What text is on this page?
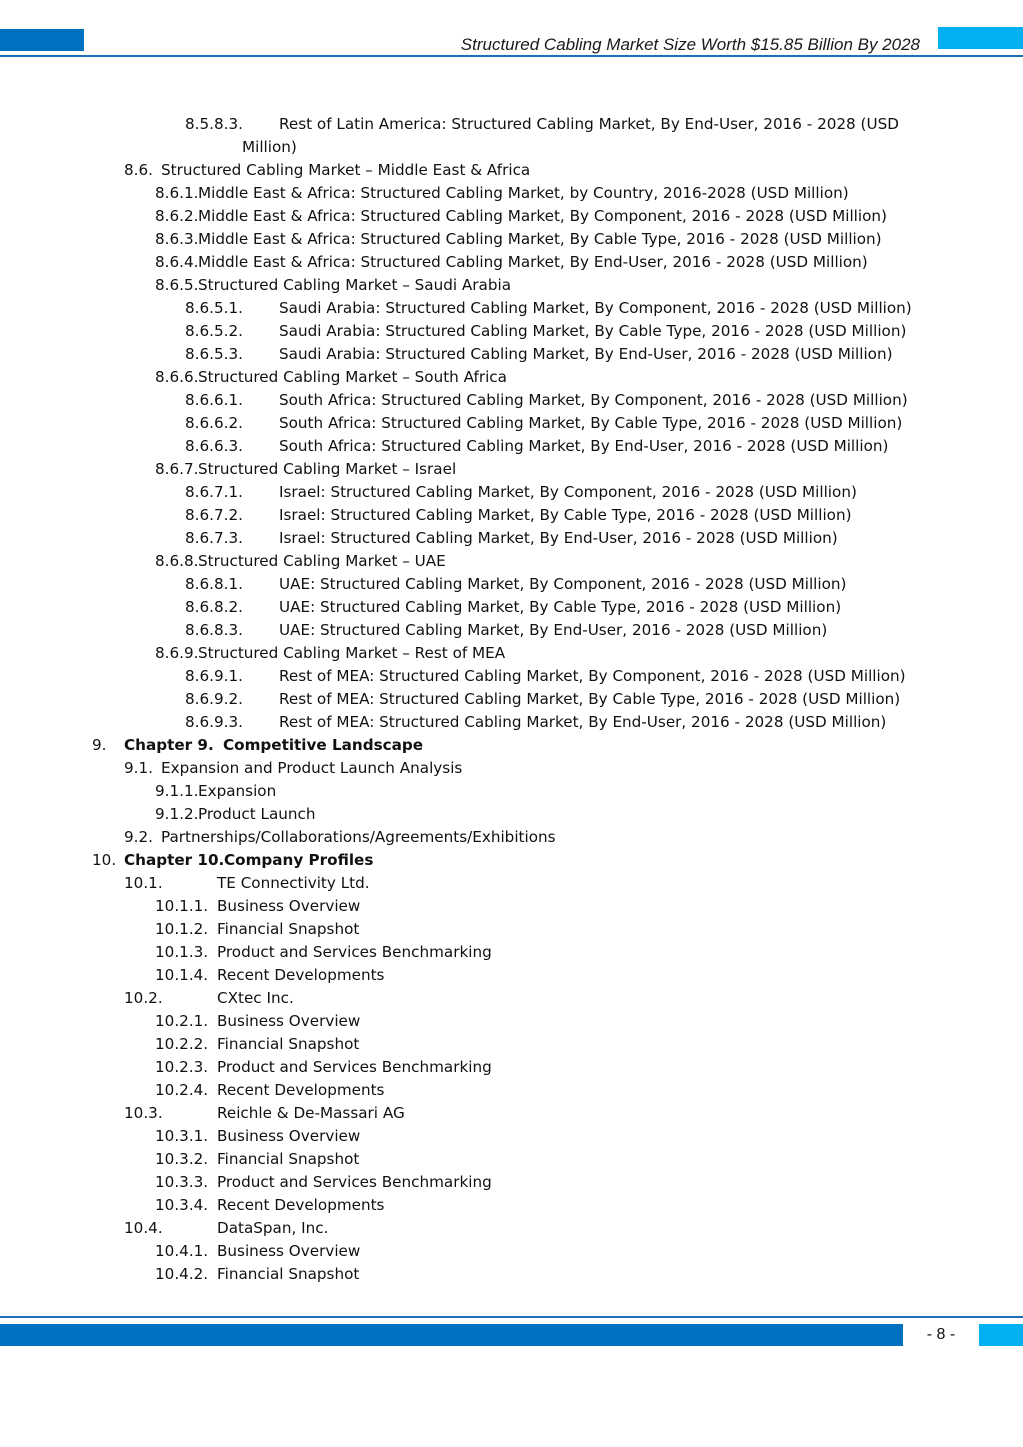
Structured Cabling Market Size Worth $15.85 Billion By 2028
8.5.8.3. Rest of Latin America: Structured Cabling Market, By End-User, 2016 - 2028 (USD
Million)
8.6. Structured Cabling Market – Middle East & Africa
8.6.1. Middle East & Africa: Structured Cabling Market, by Country, 2016-2028 (USD Million)
8.6.2. Middle East & Africa: Structured Cabling Market, By Component, 2016 - 2028 (USD Million)
8.6.3. Middle East & Africa: Structured Cabling Market, By Cable Type, 2016 - 2028 (USD Million)
8.6.4. Middle East & Africa: Structured Cabling Market, By End-User, 2016 - 2028 (USD Million)
8.6.5. Structured Cabling Market – Saudi Arabia
8.6.5.1. Saudi Arabia: Structured Cabling Market, By Component, 2016 - 2028 (USD Million)
8.6.5.2. Saudi Arabia: Structured Cabling Market, By Cable Type, 2016 - 2028 (USD Million)
8.6.5.3. Saudi Arabia: Structured Cabling Market, By End-User, 2016 - 2028 (USD Million)
8.6.6. Structured Cabling Market – South Africa
8.6.6.1. South Africa: Structured Cabling Market, By Component, 2016 - 2028 (USD Million)
8.6.6.2. South Africa: Structured Cabling Market, By Cable Type, 2016 - 2028 (USD Million)
8.6.6.3. South Africa: Structured Cabling Market, By End-User, 2016 - 2028 (USD Million)
8.6.7. Structured Cabling Market – Israel
8.6.7.1. Israel: Structured Cabling Market, By Component, 2016 - 2028 (USD Million)
8.6.7.2. Israel: Structured Cabling Market, By Cable Type, 2016 - 2028 (USD Million)
8.6.7.3. Israel: Structured Cabling Market, By End-User, 2016 - 2028 (USD Million)
8.6.8. Structured Cabling Market – UAE
8.6.8.1. UAE: Structured Cabling Market, By Component, 2016 - 2028 (USD Million)
8.6.8.2. UAE: Structured Cabling Market, By Cable Type, 2016 - 2028 (USD Million)
8.6.8.3. UAE: Structured Cabling Market, By End-User, 2016 - 2028 (USD Million)
8.6.9. Structured Cabling Market – Rest of MEA
8.6.9.1. Rest of MEA: Structured Cabling Market, By Component, 2016 - 2028 (USD Million)
8.6.9.2. Rest of MEA: Structured Cabling Market, By Cable Type, 2016 - 2028 (USD Million)
8.6.9.3. Rest of MEA: Structured Cabling Market, By End-User, 2016 - 2028 (USD Million)
9. Chapter 9. Competitive Landscape
9.1. Expansion and Product Launch Analysis
9.1.1. Expansion
9.1.2. Product Launch
9.2. Partnerships/Collaborations/Agreements/Exhibitions
10. Chapter 10. Company Profiles
10.1.	TE Connectivity Ltd.
10.1.1. Business Overview
10.1.2. Financial Snapshot
10.1.3. Product and Services Benchmarking
10.1.4. Recent Developments
10.2.	CXtec Inc.
10.2.1. Business Overview
10.2.2. Financial Snapshot
10.2.3. Product and Services Benchmarking
10.2.4. Recent Developments
10.3.	Reichle & De-Massari AG
10.3.1. Business Overview
10.3.2. Financial Snapshot
10.3.3. Product and Services Benchmarking
10.3.4. Recent Developments
10.4.	DataSpan, Inc.
10.4.1. Business Overview
10.4.2. Financial Snapshot
- 8 -
